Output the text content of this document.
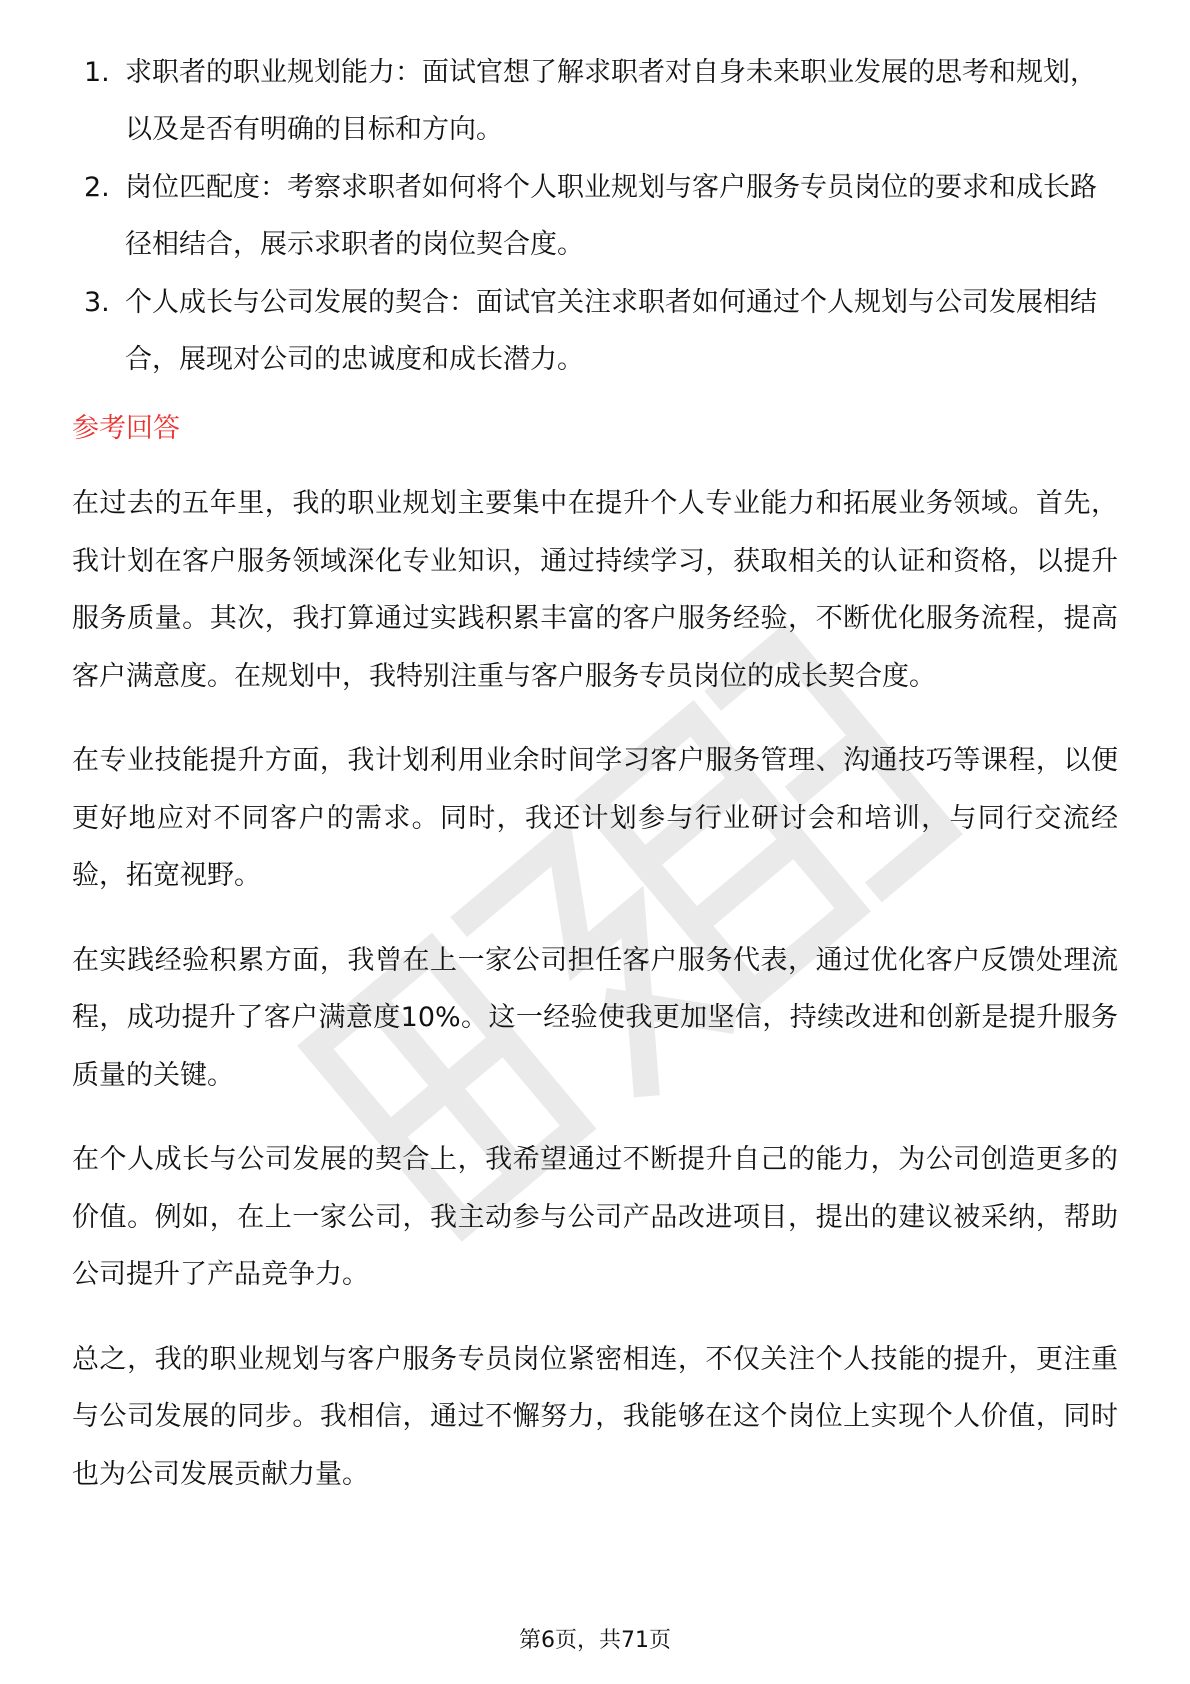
1. 求职者的职业规划能力：面试官想了解求职者对自身未来职业发展的思考和规划，以及是否有明确的目标和方向。
2. 岗位匹配度：考察求职者如何将个人职业规划与客户服务专员岗位的要求和成长路径相结合，展示求职者的岗位契合度。
3. 个人成长与公司发展的契合：面试官关注求职者如何通过个人规划与公司发展相结合，展现对公司的忠诚度和成长潜力。
参考回答

在过去的五年里，我的职业规划主要集中在提升个人专业能力和拓展业务领域。首先，我计划在客户服务领域深化专业知识，通过持续学习，获取相关的认证和资格，以提升服务质量。其次，我打算通过实践积累丰富的客户服务经验，不断优化服务流程，提高客户满意度。在规划中，我特别注重与客户服务专员岗位的成长契合度。

在专业技能提升方面，我计划利用业余时间学习客户服务管理、沟通技巧等课程，以便更好地应对不同客户的需求。同时，我还计划参与行业研讨会和培训，与同行交流经验，拓宽视野。

在实践经验积累方面，我曾在上一家公司担任客户服务代表，通过优化客户反馈处理流程，成功提升了客户满意度10%。这一经验使我更加坚信，持续改进和创新是提升服务质量的关键。

在个人成长与公司发展的契合上，我希望通过不断提升自己的能力，为公司创造更多的价值。例如，在上一家公司，我主动参与公司产品改进项目，提出的建议被采纳，帮助公司提升了产品竞争力。

总之，我的职业规划与客户服务专员岗位紧密相连，不仅关注个人技能的提升，更注重与公司发展的同步。我相信，通过不懈努力，我能够在这个岗位上实现个人价值，同时也为公司发展贡献力量。

第6页，共71页
